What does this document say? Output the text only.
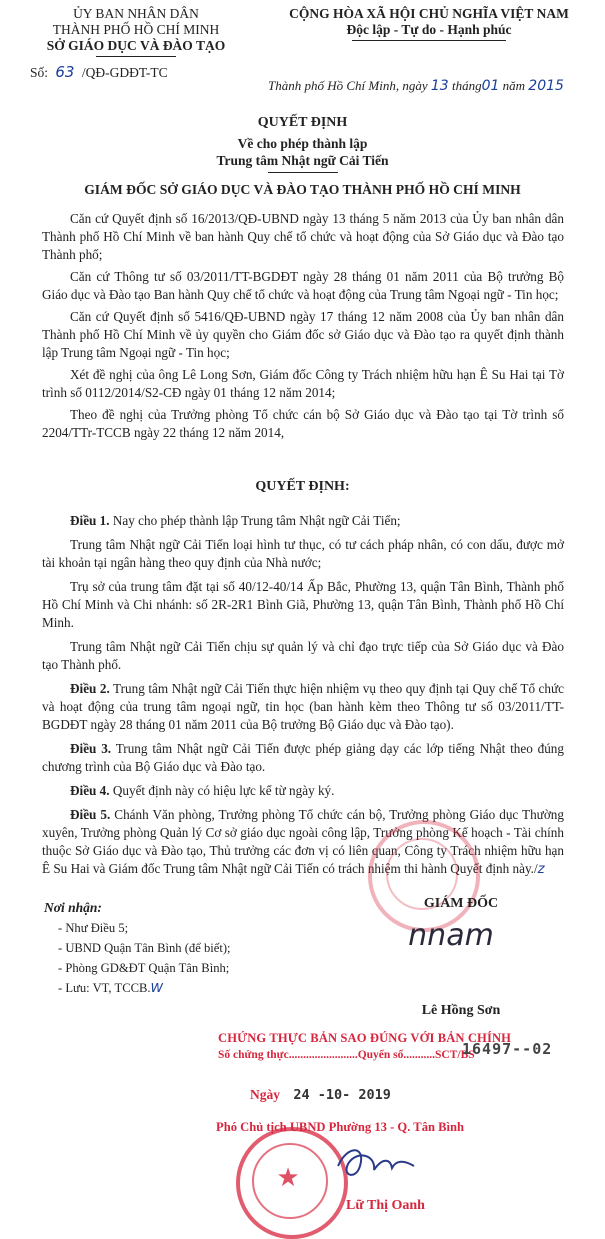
ỦY BAN NHÂN DÂN
THÀNH PHỐ HỒ CHÍ MINH
SỞ GIÁO DỤC VÀ ĐÀO TẠO
Số: 63 /QĐ-GDĐT-TC
CỘNG HÒA XÃ HỘI CHỦ NGHĨA VIỆT NAM
Độc lập - Tự do - Hạnh phúc
Thành phố Hồ Chí Minh, ngày 13 tháng01 năm 2015
QUYẾT ĐỊNH
Về cho phép thành lập
Trung tâm Nhật ngữ Cải Tiến
GIÁM ĐỐC SỞ GIÁO DỤC VÀ ĐÀO TẠO THÀNH PHỐ HỒ CHÍ MINH

Căn cứ Quyết định số 16/2013/QĐ-UBND ngày 13 tháng 5 năm 2013 của Ủy ban nhân dân Thành phố Hồ Chí Minh về ban hành Quy chế tổ chức và hoạt động của Sở Giáo dục và Đào tạo Thành phố;

Căn cứ Thông tư số 03/2011/TT-BGDĐT ngày 28 tháng 01 năm 2011 của Bộ trưởng Bộ Giáo dục và Đào tạo Ban hành Quy chế tổ chức và hoạt động của Trung tâm Ngoại ngữ - Tin học;

Căn cứ Quyết định số 5416/QĐ-UBND ngày 17 tháng 12 năm 2008 của Ủy ban nhân dân Thành phố Hồ Chí Minh về ủy quyền cho Giám đốc sở Giáo dục và Đào tạo ra quyết định thành lập Trung tâm Ngoại ngữ - Tin học;

Xét đề nghị của ông Lê Long Sơn, Giám đốc Công ty Trách nhiệm hữu hạn Ê Su Hai tại Tờ trình số 0112/2014/S2-CĐ ngày 01 tháng 12 năm 2014;

Theo đề nghị của Trưởng phòng Tổ chức cán bộ Sở Giáo dục và Đào tạo tại Tờ trình số 2204/TTr-TCCB ngày 22 tháng 12 năm 2014,

QUYẾT ĐỊNH:

Điều 1. Nay cho phép thành lập Trung tâm Nhật ngữ Cải Tiến;

Trung tâm Nhật ngữ Cải Tiến loại hình tư thục, có tư cách pháp nhân, có con dấu, được mở tài khoản tại ngân hàng theo quy định của Nhà nước;

Trụ sở của trung tâm đặt tại số 40/12-40/14 Ấp Bắc, Phường 13, quận Tân Bình, Thành phố Hồ Chí Minh và Chi nhánh: số 2R-2R1 Bình Giã, Phường 13, quận Tân Bình, Thành phố Hồ Chí Minh.

Trung tâm Nhật ngữ Cải Tiến chịu sự quản lý và chỉ đạo trực tiếp của Sở Giáo dục và Đào tạo Thành phố.

Điều 2. Trung tâm Nhật ngữ Cải Tiến thực hiện nhiệm vụ theo quy định tại Quy chế Tổ chức và hoạt động của trung tâm ngoại ngữ, tin học (ban hành kèm theo Thông tư số 03/2011/TT-BGDĐT ngày 28 tháng 01 năm 2011 của Bộ trưởng Bộ Giáo dục và Đào tạo).

Điều 3. Trung tâm Nhật ngữ Cải Tiến được phép giảng dạy các lớp tiếng Nhật theo đúng chương trình của Bộ Giáo dục và Đào tạo.

Điều 4. Quyết định này có hiệu lực kể từ ngày ký.

Điều 5. Chánh Văn phòng, Trưởng phòng Tổ chức cán bộ, Trưởng phòng Giáo dục Thường xuyên, Trưởng phòng Quản lý Cơ sở giáo dục ngoài công lập, Trưởng phòng Kế hoạch - Tài chính thuộc Sở Giáo dục và Đào tạo, Thủ trưởng các đơn vị có liên quan, Công ty Trách nhiệm hữu hạn Ê Su Hai và Giám đốc Trung tâm Nhật ngữ Cải Tiến có trách nhiệm thi hành Quyết định này./z

Nơi nhận:
- Như Điều 5;
- UBND Quận Tân Bình (để biết);
- Phòng GD&ĐT Quận Tân Bình;
- Lưu: VT, TCCB.W
GIÁM ĐỐC
nnam
Lê Hồng Sơn
CHỨNG THỰC BẢN SAO ĐÚNG VỚI BẢN CHÍNH
Số chứng thực........................Quyển số...........SCT/BS
16497--02
Ngày 24 -10- 2019
Phó Chủ tịch UBND Phường 13 - Q. Tân Bình
★
Lữ Thị Oanh
